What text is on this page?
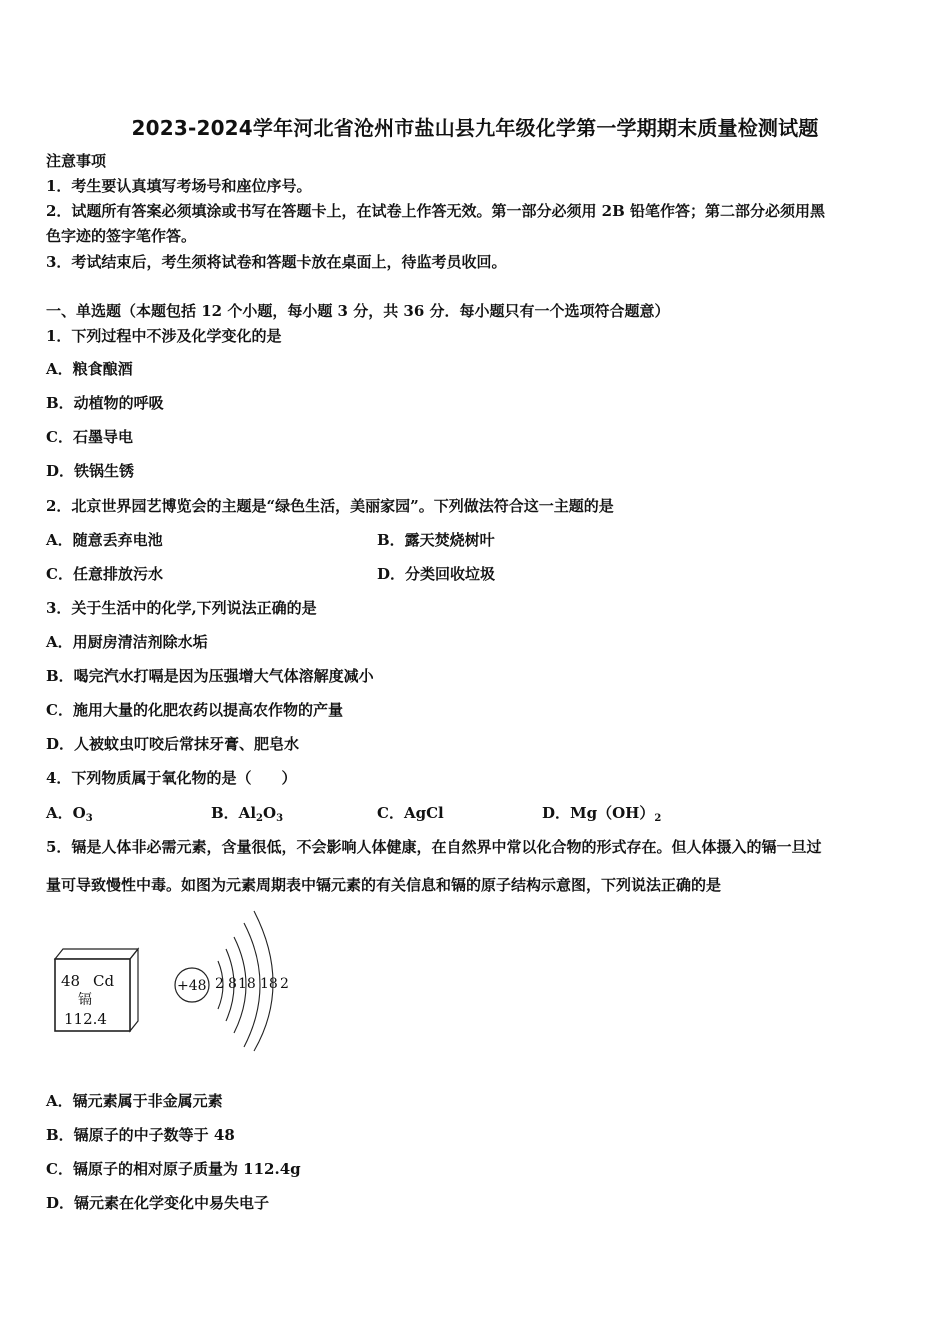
2023-2024学年河北省沧州市盐山县九年级化学第一学期期末质量检测试题
注意事项
1．考生要认真填写考场号和座位序号。
2．试题所有答案必须填涂或书写在答题卡上，在试卷上作答无效。第一部分必须用 2B 铅笔作答；第二部分必须用黑
色字迹的签字笔作答。
3．考试结束后，考生须将试卷和答题卡放在桌面上，待监考员收回。
一、单选题（本题包括 12 个小题，每小题 3 分，共 36 分．每小题只有一个选项符合题意）
1．下列过程中不涉及化学变化的是
A．粮食酿酒
B．动植物的呼吸
C．石墨导电
D．铁锅生锈
2．北京世界园艺博览会的主题是“绿色生活，美丽家园”。下列做法符合这一主题的是
A．随意丢弃电池	B．露天焚烧树叶
C．任意排放污水	D．分类回收垃圾
3．关于生活中的化学,下列说法正确的是
A．用厨房清洁剂除水垢
B．喝完汽水打嗝是因为压强增大气体溶解度减小
C．施用大量的化肥农药以提高农作物的产量
D．人被蚊虫叮咬后常抹牙膏、肥皂水
4．下列物质属于氧化物的是（　　）
A．$O_3$	B．$Al_2O_3$	C．AgCl	D．$Mg(OH)_2$
5．镉是人体非必需元素，含量很低，不会影响人体健康，在自然界中常以化合物的形式存在。但人体摄入的镉一旦过
量可导致慢性中毒。如图为元素周期表中镉元素的有关信息和镉的原子结构示意图，下列说法正确的是
48 Cd
镉
112.4
+48 2 8 18 18 2
A．镉元素属于非金属元素
B．镉原子的中子数等于 48
C．镉原子的相对原子质量为 112.4g
D．镉元素在化学变化中易失电子
